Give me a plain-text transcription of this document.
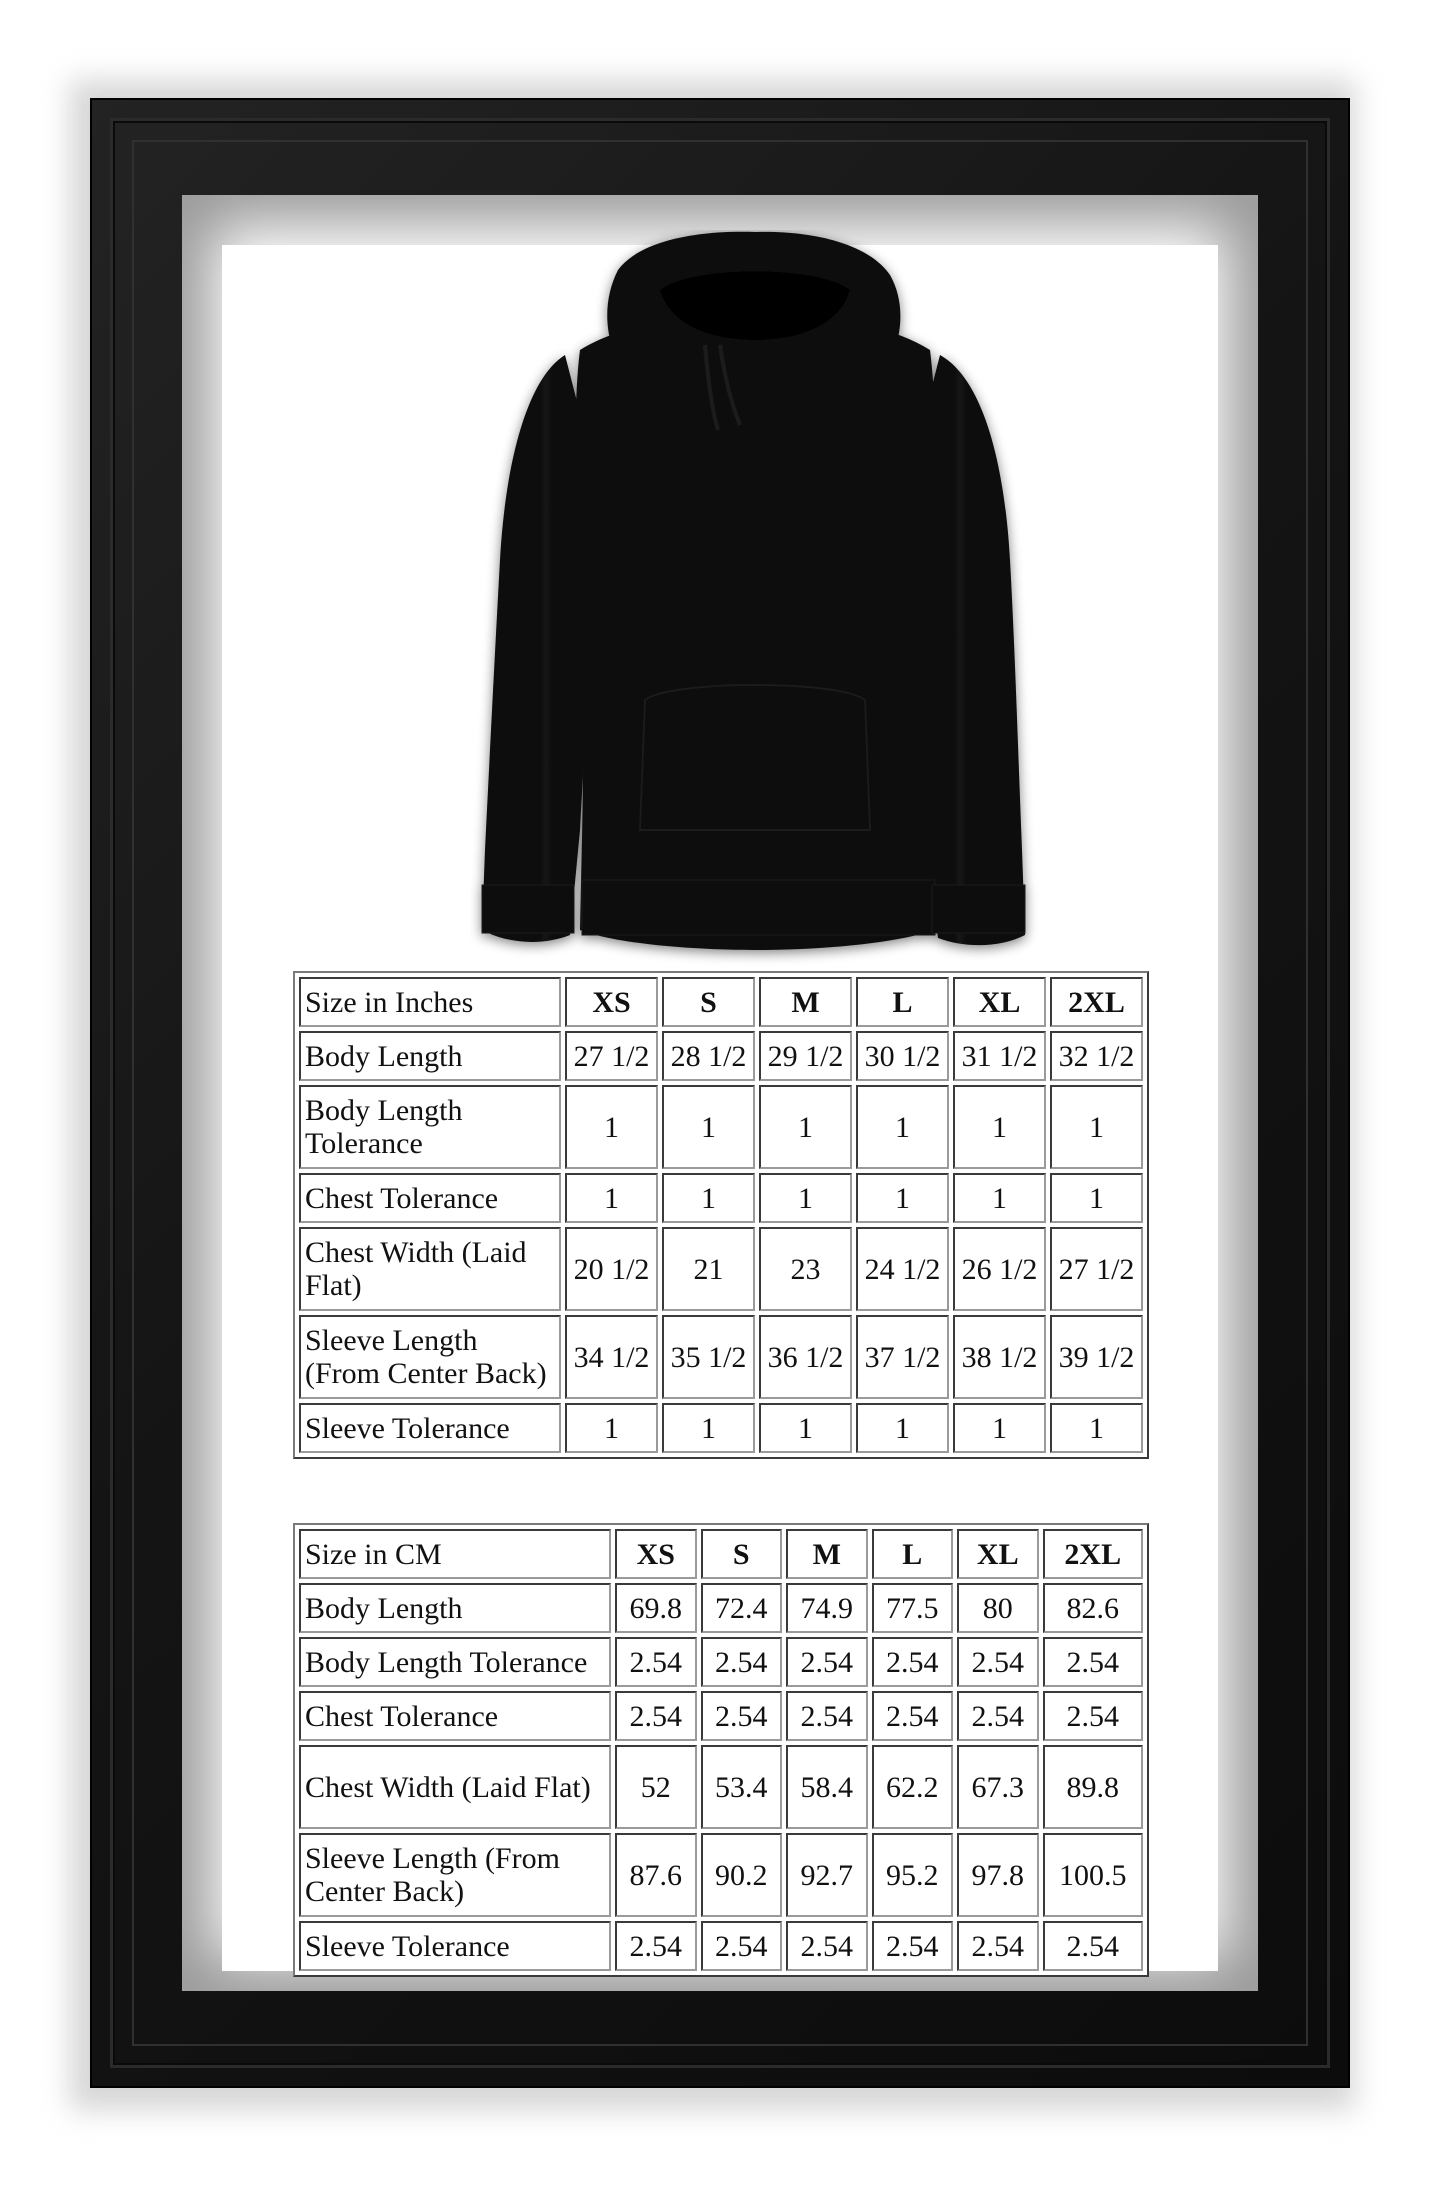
Size in Inches	XS	S	M	L	XL	2XL
Body Length	27 1/2	28 1/2	29 1/2	30 1/2	31 1/2	32 1/2
Body Length Tolerance	1	1	1	1	1	1
Chest Tolerance	1	1	1	1	1	1
Chest Width (Laid Flat)	20 1/2	21	23	24 1/2	26 1/2	27 1/2
Sleeve Length (From Center Back)	34 1/2	35 1/2	36 1/2	37 1/2	38 1/2	39 1/2
Sleeve Tolerance	1	1	1	1	1	1
Size in CM	XS	S	M	L	XL	2XL
Body Length	69.8	72.4	74.9	77.5	80	82.6
Body Length Tolerance	2.54	2.54	2.54	2.54	2.54	2.54
Chest Tolerance	2.54	2.54	2.54	2.54	2.54	2.54
Chest Width (Laid Flat)	52	53.4	58.4	62.2	67.3	89.8
Sleeve Length (From Center Back)	87.6	90.2	92.7	95.2	97.8	100.5
Sleeve Tolerance	2.54	2.54	2.54	2.54	2.54	2.54
